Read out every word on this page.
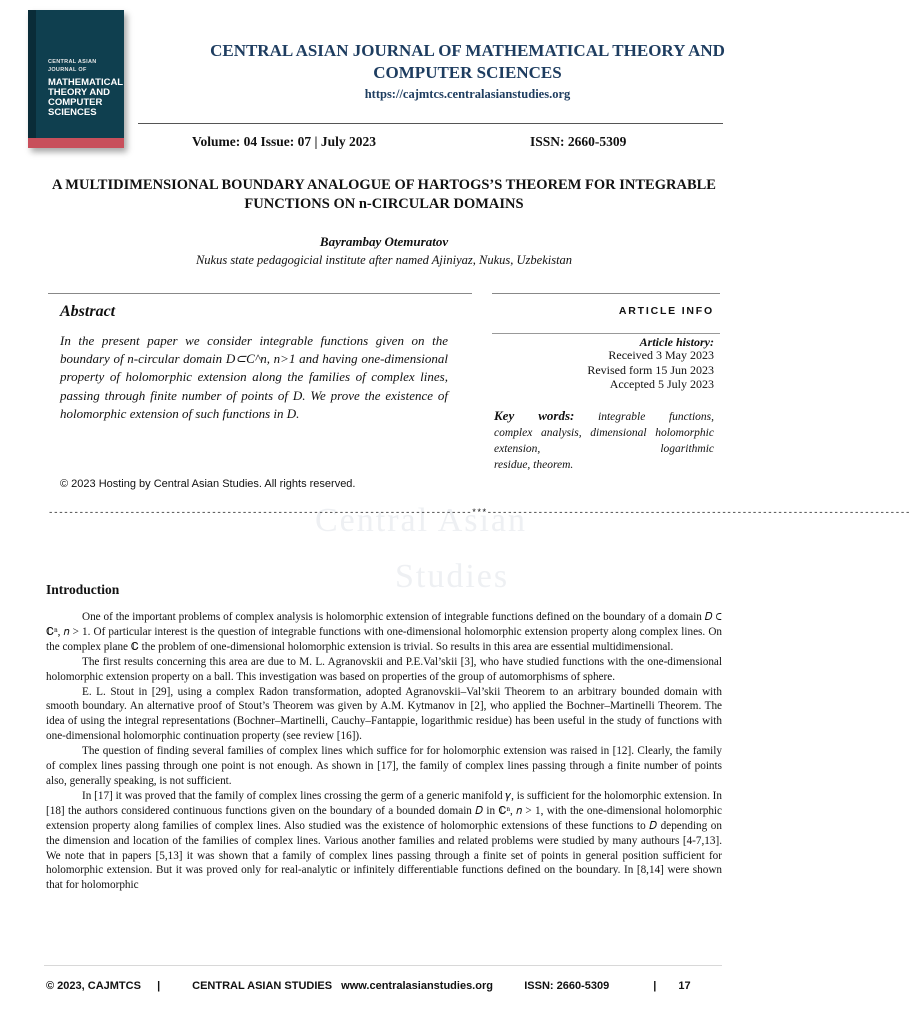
CENTRAL ASIAN JOURNAL OF
MATHEMATICAL THEORY AND COMPUTER SCIENCES
CENTRAL ASIAN JOURNAL OF MATHEMATICAL THEORY AND COMPUTER SCIENCES
https://cajmtcs.centralasianstudies.org
Volume: 04 Issue: 07 | July 2023	ISSN: 2660-5309
A MULTIDIMENSIONAL BOUNDARY ANALOGUE OF HARTOGS’S THEOREM FOR INTEGRABLE FUNCTIONS ON n-CIRCULAR DOMAINS
Bayrambay Otemuratov
Nukus state pedagogicial institute after named Ajiniyaz, Nukus, Uzbekistan
Abstract
In the present paper we consider integrable functions given on the boundary of n-circular domain D⊂C^n, n>1 and having one-dimensional property of holomorphic extension along the families of complex lines, passing through finite number of points of D. We prove the existence of holomorphic extension of such functions in D.
© 2023 Hosting by Central Asian Studies. All rights reserved.
ARTICLE INFO
Article history:
Received 3 May 2023
Revised form 15 Jun 2023
Accepted 5 July 2023
Key words: integrable functions,
complex analysis, dimensional holomorphic extension, logarithmic
residue, theorem.
Central Asian
Studies
-----------------------------------------------------------------------------------***-----------------------------------------------------------------------------------
Introduction

One of the important problems of complex analysis is holomorphic extension of integrable functions defined on the boundary of a domain 𝐷 ⊂ ℂⁿ, 𝑛 > 1. Of particular interest is the question of integrable functions with one-dimensional holomorphic extension property along complex lines. On the complex plane ℂ the problem of one-dimensional holomorphic extension is trivial. So results in this area are essential multidimensional.

The first results concerning this area are due to M. L. Agranovskii and P.E.Val’skii [3], who have studied functions with the one-dimensional holomorphic extension property on a ball. This investigation was based on properties of the group of automorphisms of sphere.

E. L. Stout in [29], using a complex Radon transformation, adopted Agranovskii–Val’skii Theorem to an arbitrary bounded domain with smooth boundary. An alternative proof of Stout’s Theorem was given by A.M. Kytmanov in [2], who applied the Bochner–Martinelli Theorem. The idea of using the integral representations (Bochner–Martinelli, Cauchy–Fantappie, logarithmic residue) has been useful in the study of functions with one-dimensional holomorphic continuation property (see review [16]).

The question of finding several families of complex lines which suffice for for holomorphic extension was raised in [12]. Clearly, the family of complex lines passing through one point is not enough. As shown in [17], the family of complex lines passing through a finite number of points also, generally speaking, is not sufficient.

In [17] it was proved that the family of complex lines crossing the germ of a generic manifold 𝛾, is sufficient for the holomorphic extension. In [18] the authors considered continuous functions given on the boundary of a bounded domain 𝐷 in ℂⁿ, 𝑛 > 1, with the one-dimensional holomorphic extension property along families of complex lines. Also studied was the existence of holomorphic extensions of these functions to 𝐷 depending on the dimension and location of the families of complex lines. Various another families and related problems were studied by many authours [4-7,13]. We note that in papers [5,13] it was shown that a family of complex lines passing through a finite set of points in general position sufficient for holomorphic extension. But it was proved only for real-analytic or infinitely differentiable functions defined on the boundary. In [8,14] were shown that for holomorphic

© 2023, CAJMTCS |	CENTRAL ASIAN STUDIES www.centralasianstudies.org	ISSN: 2660-5309	| 17
